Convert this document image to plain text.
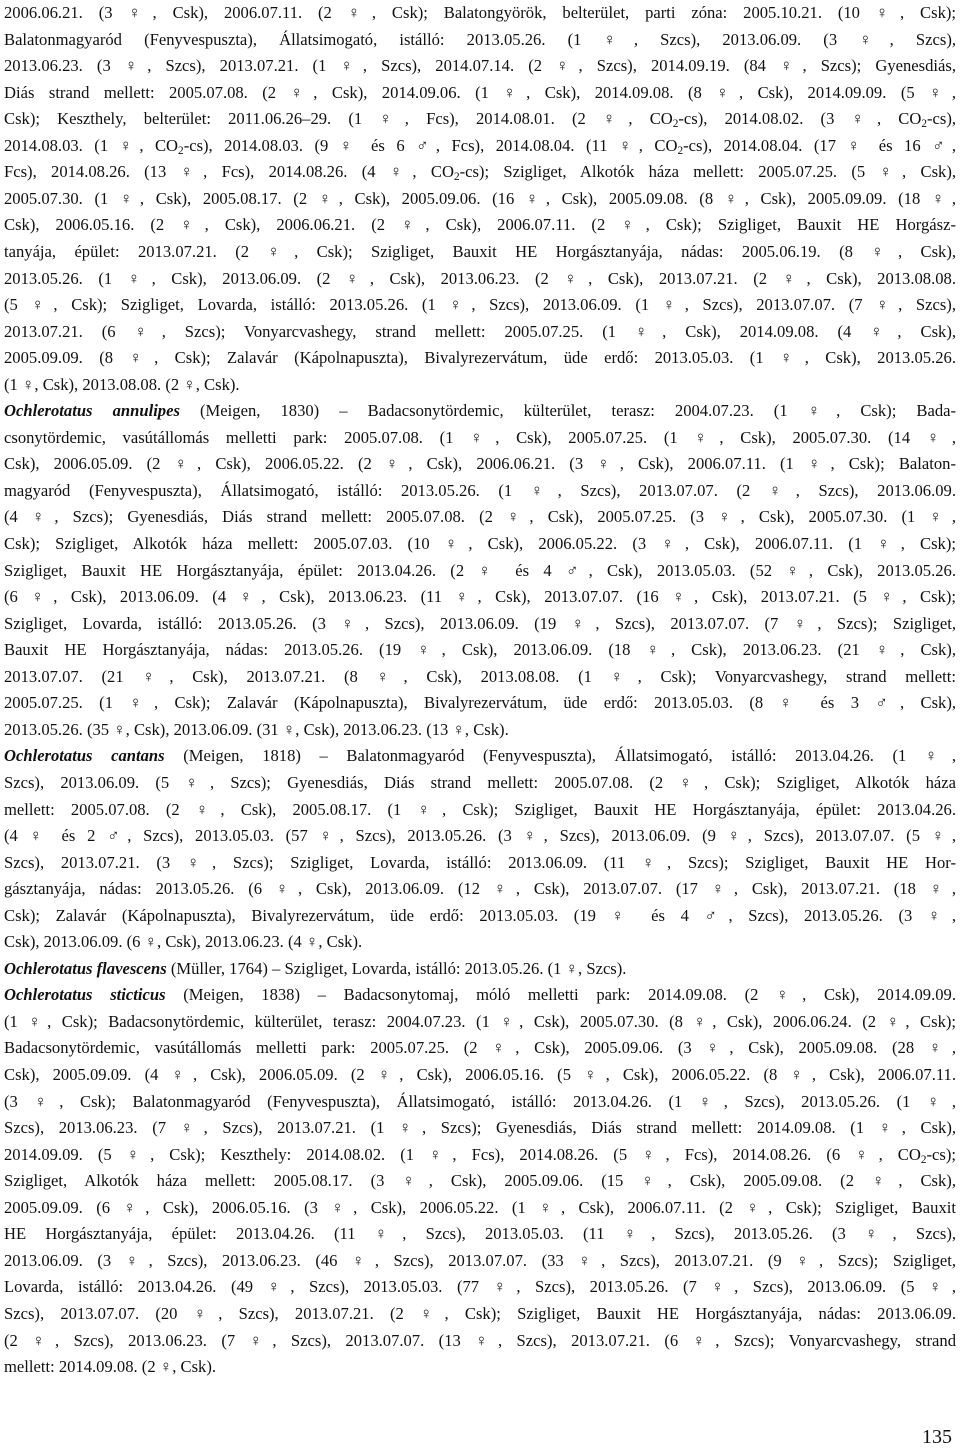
2006.06.21. (3 ♀, Csk), 2006.07.11. (2 ♀, Csk); Balatongyörök, belterület, parti zóna: 2005.10.21. (10 ♀, Csk);
Balatonmagyaród (Fenyvespuszta), Állatsimogató, istálló: 2013.05.26. (1 ♀, Szcs), 2013.06.09. (3 ♀, Szcs),
2013.06.23. (3 ♀, Szcs), 2013.07.21. (1 ♀, Szcs), 2014.07.14. (2 ♀, Szcs), 2014.09.19. (84 ♀, Szcs); Gyenesdiás,
Diás strand mellett: 2005.07.08. (2 ♀, Csk), 2014.09.06. (1 ♀, Csk), 2014.09.08. (8 ♀, Csk), 2014.09.09. (5 ♀,
Csk); Keszthely, belterület: 2011.06.26–29. (1 ♀, Fcs), 2014.08.01. (2 ♀, $CO_2-cs$), 2014.08.02. (3 ♀, $CO_2-cs$),
2014.08.03. (1 ♀, $CO_2-cs$), 2014.08.03. (9 ♀ és 6 ♂, Fcs), 2014.08.04. (11 ♀, $CO_2-cs$), 2014.08.04. (17 ♀ és 16 ♂,
Fcs), 2014.08.26. (13 ♀, Fcs), 2014.08.26. (4 ♀, $CO_2-cs$); Szigliget, Alkotók háza mellett: 2005.07.25. (5 ♀, Csk),
2005.07.30. (1 ♀, Csk), 2005.08.17. (2 ♀, Csk), 2005.09.06. (16 ♀, Csk), 2005.09.08. (8 ♀, Csk), 2005.09.09. (18 ♀,
Csk), 2006.05.16. (2 ♀, Csk), 2006.06.21. (2 ♀, Csk), 2006.07.11. (2 ♀, Csk); Szigliget, Bauxit HE Horgász-
tanyája, épület: 2013.07.21. (2 ♀, Csk); Szigliget, Bauxit HE Horgásztanyája, nádas: 2005.06.19. (8 ♀, Csk),
2013.05.26. (1 ♀, Csk), 2013.06.09. (2 ♀, Csk), 2013.06.23. (2 ♀, Csk), 2013.07.21. (2 ♀, Csk), 2013.08.08.
(5 ♀, Csk); Szigliget, Lovarda, istálló: 2013.05.26. (1 ♀, Szcs), 2013.06.09. (1 ♀, Szcs), 2013.07.07. (7 ♀, Szcs),
2013.07.21. (6 ♀, Szcs); Vonyarcvashegy, strand mellett: 2005.07.25. (1 ♀, Csk), 2014.09.08. (4 ♀, Csk),
2005.09.09. (8 ♀, Csk); Zalavár (Kápolnapuszta), Bivalyrezervátum, üde erdő: 2013.05.03. (1 ♀, Csk), 2013.05.26.
(1 ♀, Csk), 2013.08.08. (2 ♀, Csk).
Ochlerotatus annulipes (Meigen, 1830) – Badacsonytördemic, külterület, terasz: 2004.07.23. (1 ♀, Csk); Bada-
csonytördemic, vasútállomás melletti park: 2005.07.08. (1 ♀, Csk), 2005.07.25. (1 ♀, Csk), 2005.07.30. (14 ♀,
Csk), 2006.05.09. (2 ♀, Csk), 2006.05.22. (2 ♀, Csk), 2006.06.21. (3 ♀, Csk), 2006.07.11. (1 ♀, Csk); Balaton-
magyaród (Fenyvespuszta), Állatsimogató, istálló: 2013.05.26. (1 ♀, Szcs), 2013.07.07. (2 ♀, Szcs), 2013.06.09.
(4 ♀, Szcs); Gyenesdiás, Diás strand mellett: 2005.07.08. (2 ♀, Csk), 2005.07.25. (3 ♀, Csk), 2005.07.30. (1 ♀,
Csk); Szigliget, Alkotók háza mellett: 2005.07.03. (10 ♀, Csk), 2006.05.22. (3 ♀, Csk), 2006.07.11. (1 ♀, Csk);
Szigliget, Bauxit HE Horgásztanyája, épület: 2013.04.26. (2 ♀ és 4 ♂, Csk), 2013.05.03. (52 ♀, Csk), 2013.05.26.
(6 ♀, Csk), 2013.06.09. (4 ♀, Csk), 2013.06.23. (11 ♀, Csk), 2013.07.07. (16 ♀, Csk), 2013.07.21. (5 ♀, Csk);
Szigliget, Lovarda, istálló: 2013.05.26. (3 ♀, Szcs), 2013.06.09. (19 ♀, Szcs), 2013.07.07. (7 ♀, Szcs); Szigliget,
Bauxit HE Horgásztanyája, nádas: 2013.05.26. (19 ♀, Csk), 2013.06.09. (18 ♀, Csk), 2013.06.23. (21 ♀, Csk),
2013.07.07. (21 ♀, Csk), 2013.07.21. (8 ♀, Csk), 2013.08.08. (1 ♀, Csk); Vonyarcvashegy, strand mellett:
2005.07.25. (1 ♀, Csk); Zalavár (Kápolnapuszta), Bivalyrezervátum, üde erdő: 2013.05.03. (8 ♀ és 3 ♂, Csk),
2013.05.26. (35 ♀, Csk), 2013.06.09. (31 ♀, Csk), 2013.06.23. (13 ♀, Csk).
Ochlerotatus cantans (Meigen, 1818) – Balatonmagyaród (Fenyvespuszta), Állatsimogató, istálló: 2013.04.26. (1 ♀,
Szcs), 2013.06.09. (5 ♀, Szcs); Gyenesdiás, Diás strand mellett: 2005.07.08. (2 ♀, Csk); Szigliget, Alkotók háza
mellett: 2005.07.08. (2 ♀, Csk), 2005.08.17. (1 ♀, Csk); Szigliget, Bauxit HE Horgásztanyája, épület: 2013.04.26.
(4 ♀ és 2 ♂, Szcs), 2013.05.03. (57 ♀, Szcs), 2013.05.26. (3 ♀, Szcs), 2013.06.09. (9 ♀, Szcs), 2013.07.07. (5 ♀,
Szcs), 2013.07.21. (3 ♀, Szcs); Szigliget, Lovarda, istálló: 2013.06.09. (11 ♀, Szcs); Szigliget, Bauxit HE Hor-
gásztanyája, nádas: 2013.05.26. (6 ♀, Csk), 2013.06.09. (12 ♀, Csk), 2013.07.07. (17 ♀, Csk), 2013.07.21. (18 ♀,
Csk); Zalavár (Kápolnapuszta), Bivalyrezervátum, üde erdő: 2013.05.03. (19 ♀ és 4 ♂, Szcs), 2013.05.26. (3 ♀,
Csk), 2013.06.09. (6 ♀, Csk), 2013.06.23. (4 ♀, Csk).
Ochlerotatus flavescens (Müller, 1764) – Szigliget, Lovarda, istálló: 2013.05.26. (1 ♀, Szcs).
Ochlerotatus sticticus (Meigen, 1838) – Badacsonytomaj, móló melletti park: 2014.09.08. (2 ♀, Csk), 2014.09.09.
(1 ♀, Csk); Badacsonytördemic, külterület, terasz: 2004.07.23. (1 ♀, Csk), 2005.07.30. (8 ♀, Csk), 2006.06.24. (2 ♀, Csk);
Badacsonytördemic, vasútállomás melletti park: 2005.07.25. (2 ♀, Csk), 2005.09.06. (3 ♀, Csk), 2005.09.08. (28 ♀,
Csk), 2005.09.09. (4 ♀, Csk), 2006.05.09. (2 ♀, Csk), 2006.05.16. (5 ♀, Csk), 2006.05.22. (8 ♀, Csk), 2006.07.11.
(3 ♀, Csk); Balatonmagyaród (Fenyvespuszta), Állatsimogató, istálló: 2013.04.26. (1 ♀, Szcs), 2013.05.26. (1 ♀,
Szcs), 2013.06.23. (7 ♀, Szcs), 2013.07.21. (1 ♀, Szcs); Gyenesdiás, Diás strand mellett: 2014.09.08. (1 ♀, Csk),
2014.09.09. (5 ♀, Csk); Keszthely: 2014.08.02. (1 ♀, Fcs), 2014.08.26. (5 ♀, Fcs), 2014.08.26. (6 ♀, $CO_2-cs$);
Szigliget, Alkotók háza mellett: 2005.08.17. (3 ♀, Csk), 2005.09.06. (15 ♀, Csk), 2005.09.08. (2 ♀, Csk),
2005.09.09. (6 ♀, Csk), 2006.05.16. (3 ♀, Csk), 2006.05.22. (1 ♀, Csk), 2006.07.11. (2 ♀, Csk); Szigliget, Bauxit
HE Horgásztanyája, épület: 2013.04.26. (11 ♀, Szcs), 2013.05.03. (11 ♀, Szcs), 2013.05.26. (3 ♀, Szcs),
2013.06.09. (3 ♀, Szcs), 2013.06.23. (46 ♀, Szcs), 2013.07.07. (33 ♀, Szcs), 2013.07.21. (9 ♀, Szcs); Szigliget,
Lovarda, istálló: 2013.04.26. (49 ♀, Szcs), 2013.05.03. (77 ♀, Szcs), 2013.05.26. (7 ♀, Szcs), 2013.06.09. (5 ♀,
Szcs), 2013.07.07. (20 ♀, Szcs), 2013.07.21. (2 ♀, Csk); Szigliget, Bauxit HE Horgásztanyája, nádas: 2013.06.09.
(2 ♀, Szcs), 2013.06.23. (7 ♀, Szcs), 2013.07.07. (13 ♀, Szcs), 2013.07.21. (6 ♀, Szcs); Vonyarcvashegy, strand
mellett: 2014.09.08. (2 ♀, Csk).
135
